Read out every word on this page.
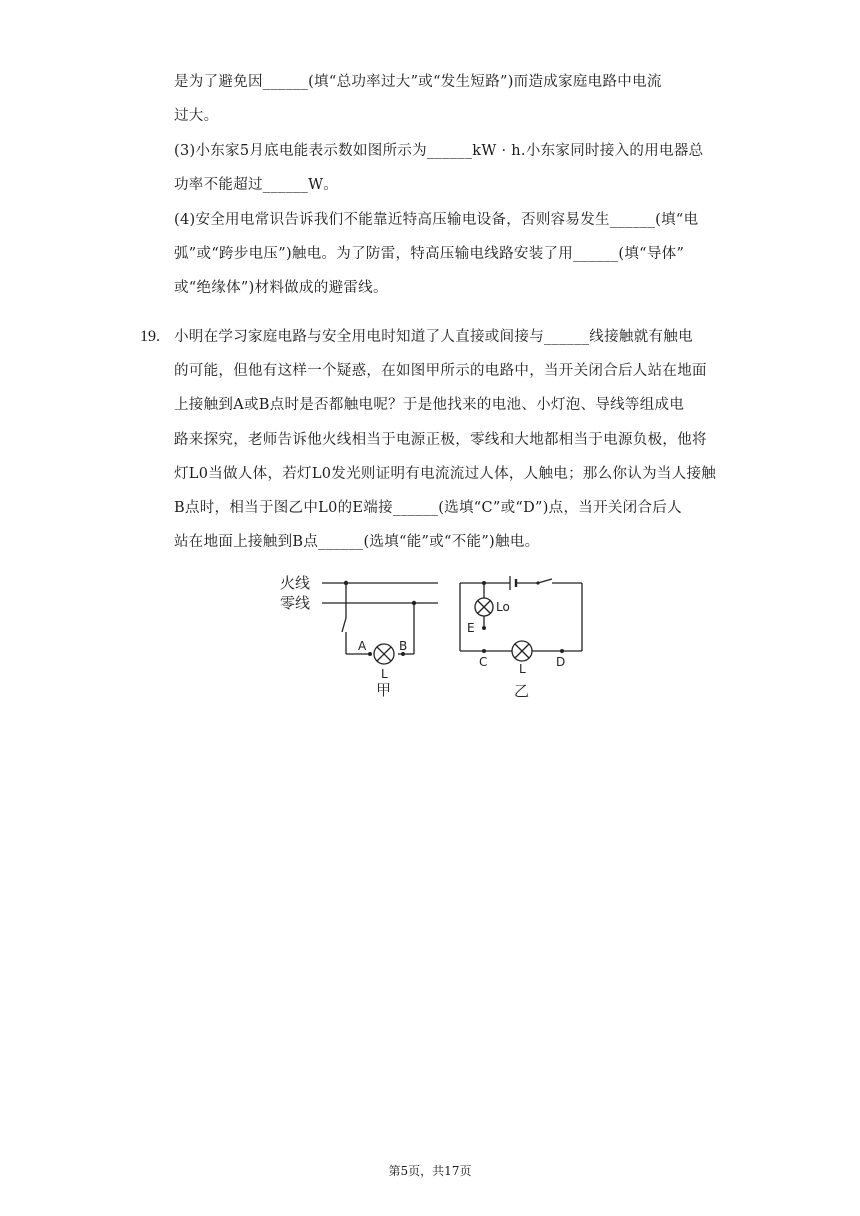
是为了避免因______(填“总功率过大”或“发生短路”)而造成家庭电路中电流
过大。
(3)小东家5月底电能表示数如图所示为______kW · h.小东家同时接入的用电器总
功率不能超过______W。
(4)安全用电常识告诉我们不能靠近特高压输电设备，否则容易发生______(填“电
弧”或“跨步电压”)触电。为了防雷，特高压输电线路安装了用______(填“导体”
或“绝缘体”)材料做成的避雷线。
19. 小明在学习家庭电路与安全用电时知道了人直接或间接与______线接触就有触电
的可能，但他有这样一个疑惑，在如图甲所示的电路中，当开关闭合后人站在地面
上接触到A或B点时是否都触电呢？于是他找来的电池、小灯泡、导线等组成电
路来探究，老师告诉他火线相当于电源正极，零线和大地都相当于电源负极，他将
灯L0当做人体，若灯L0发光则证明有电流流过人体，人触电；那么你认为当人接触
B点时，相当于图乙中L0的E端接______(选填“C”或“D”)点，当开关闭合后人
站在地面上接触到B点______(选填“能”或“不能”)触电。
火线
零线
A	B
L
甲
Lo
E
C	L	D
乙
第5页，共17页
